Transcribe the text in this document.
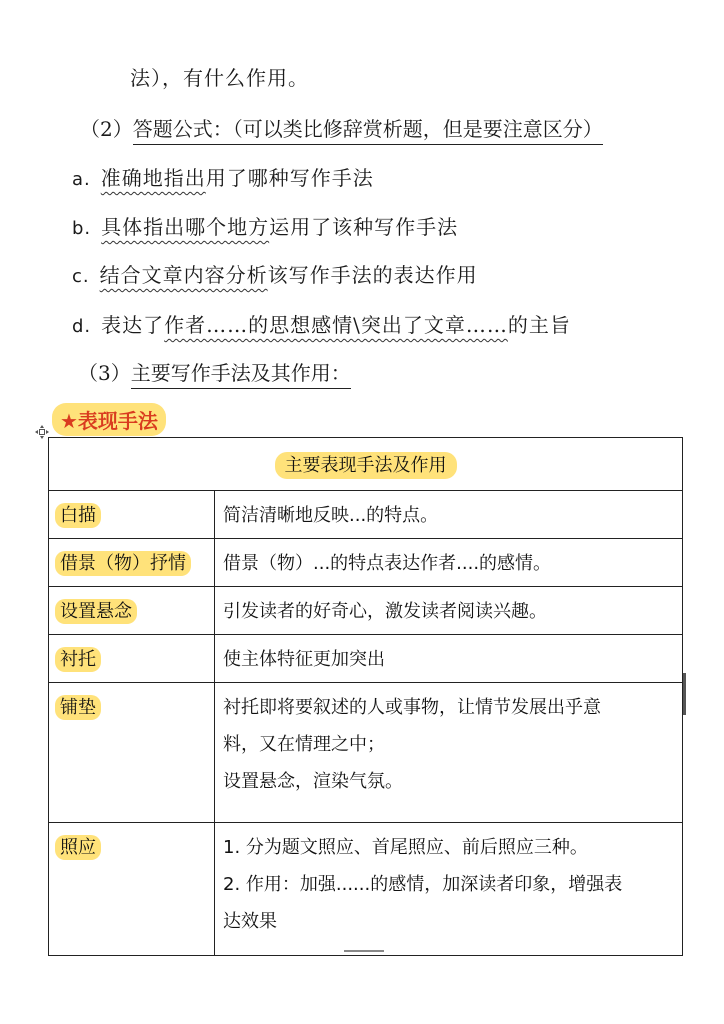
法），有什么作用。
（2）答题公式：（可以类比修辞赏析题，但是要注意区分）
a. 准确地指出用了哪种写作手法
b. 具体指出哪个地方运用了该种写作手法
c. 结合文章内容分析该写作手法的表达作用
d. 表达了作者……的思想感情\突出了文章……的主旨
（3）主要写作手法及其作用：
★表现手法
主要表现手法及作用	
白描	简洁清晰地反映...的特点。

借景（物）抒情	借景（物）...的特点表达作者....的感情。

设置悬念	引发读者的好奇心，激发读者阅读兴趣。

衬托	使主体特征更加突出

铺垫	衬托即将要叙述的人或事物，让情节发展出乎意
料，又在情理之中；
设置悬念，渲染气氛。

照应	1. 分为题文照应、首尾照应、前后照应三种。
2. 作用：加强......的感情，加深读者印象，增强表
达效果
